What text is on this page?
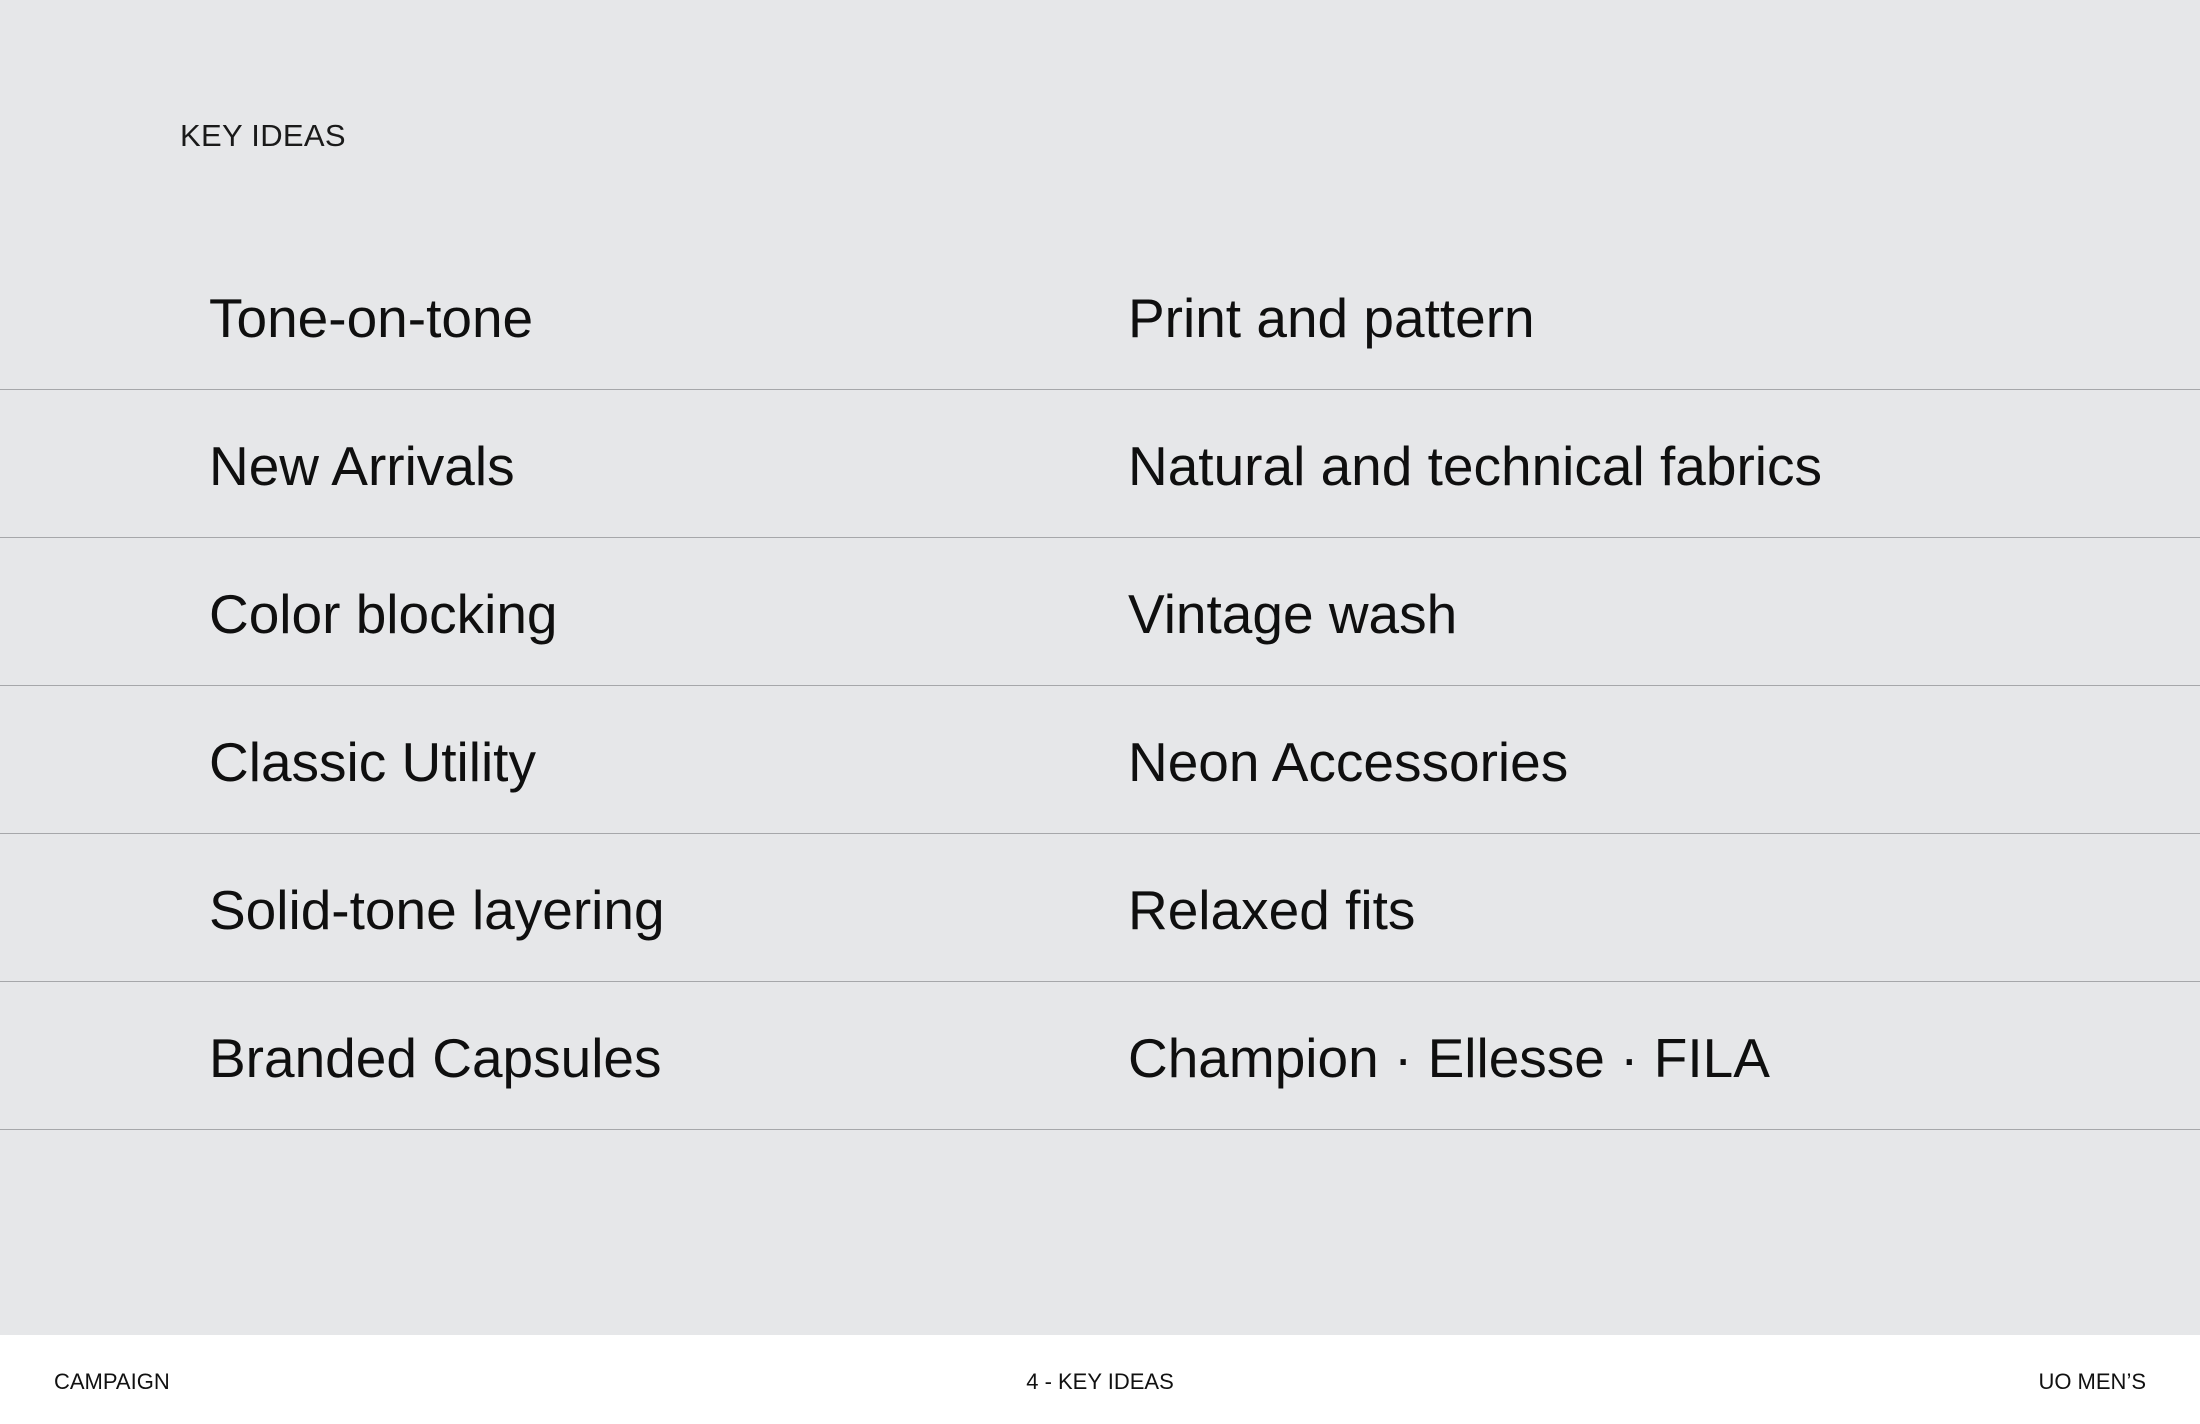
KEY IDEAS
Tone-on-tone	Print and pattern
New Arrivals	Natural and technical fabrics
Color blocking	Vintage wash
Classic Utility	Neon Accessories
Solid-tone layering	Relaxed fits
Branded Capsules	Champion · Ellesse · FILA
CAMPAIGN	4 - KEY IDEAS	UO MEN’S
